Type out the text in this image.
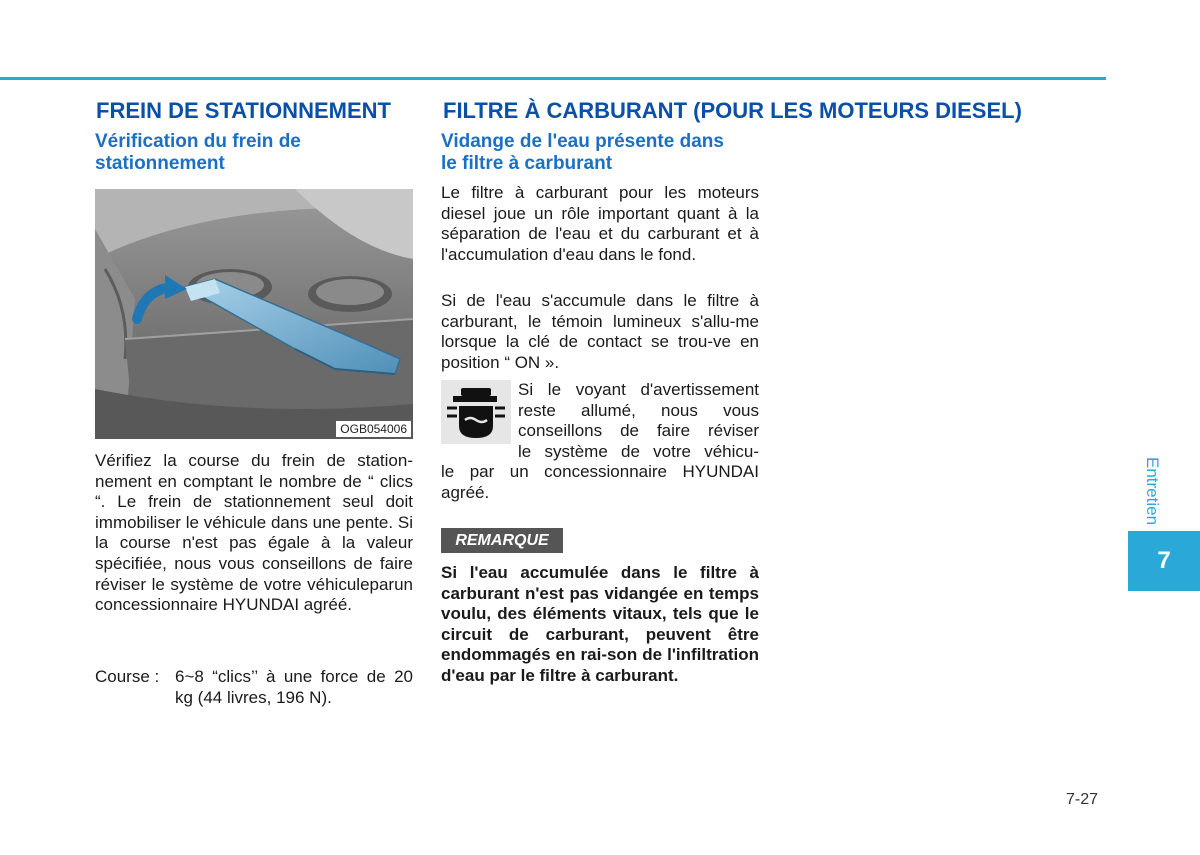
FREIN DE STATIONNEMENT
Vérification du frein de stationnement
OGB054006

Vérifiez la course du frein de station-nement en comptant le nombre de “ clics “. Le frein de stationnement seul doit immobiliser le véhicule dans une pente. Si la course n'est pas égale à la valeur spécifiée, nous vous conseillons de faire réviser le système de votre véhiculeparun concessionnaire HYUNDAI agréé.

Course : 6~8 “clics’’ à une force de 20 kg (44 livres, 196 N).
FILTRE À CARBURANT (POUR LES MOTEURS DIESEL)
Vidange de l'eau présente dans le filtre à carburant

Le filtre à carburant pour les moteurs diesel joue un rôle important quant à la séparation de l'eau et du carburant et à l'accumulation d'eau dans le fond.

Si de l'eau s'accumule dans le filtre à carburant, le témoin lumineux s'allu-me lorsque la clé de contact se trou-ve en position “ ON ».

Si le voyant d'avertissement
reste allumé, nous vous
conseillons de faire réviser
le système de votre véhicu-

le par un concessionnaire HYUNDAI agréé.

REMARQUE

Si l'eau accumulée dans le filtre à carburant n'est pas vidangée en temps voulu, des éléments vitaux, tels que le circuit de carburant, peuvent être endommagés en rai-son de l'infiltration d'eau par le filtre à carburant.

Entretien
7
7-27
